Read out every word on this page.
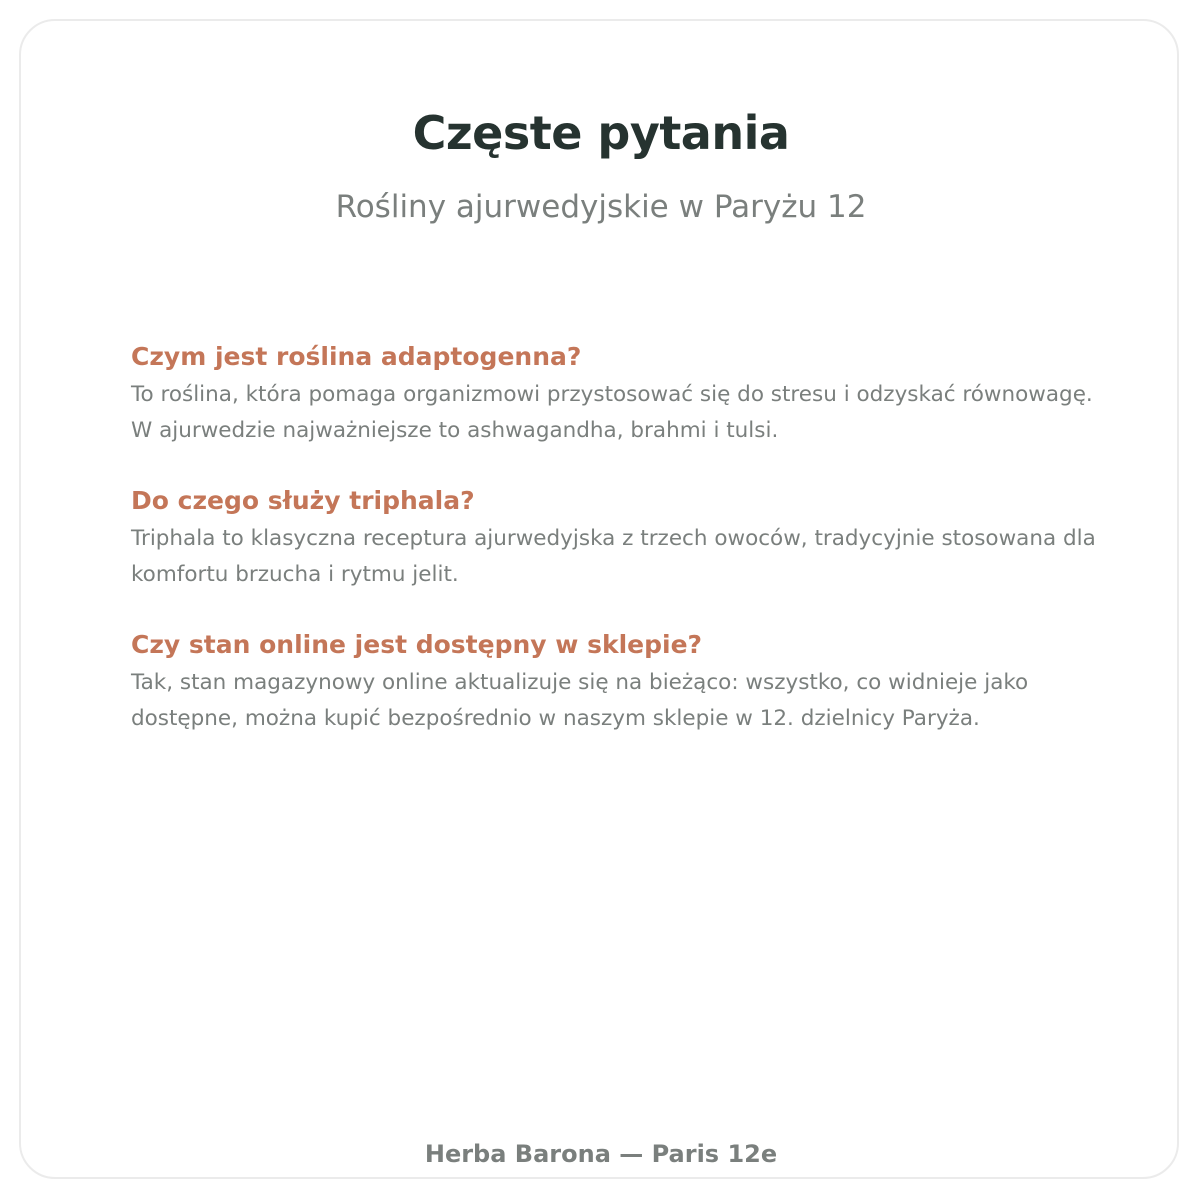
Częste pytania

Rośliny ajurwedyjskie w Paryżu 12

Czym jest roślina adaptogenna?

To roślina, która pomaga organizmowi przystosować się do stresu i odzyskać równowagę. W ajurwedzie najważniejsze to ashwagandha, brahmi i tulsi.

Do czego służy triphala?

Triphala to klasyczna receptura ajurwedyjska z trzech owoców, tradycyjnie stosowana dla komfortu brzucha i rytmu jelit.

Czy stan online jest dostępny w sklepie?

Tak, stan magazynowy online aktualizuje się na bieżąco: wszystko, co widnieje jako dostępne, można kupić bezpośrednio w naszym sklepie w 12. dzielnicy Paryża.

Herba Barona — Paris 12e
